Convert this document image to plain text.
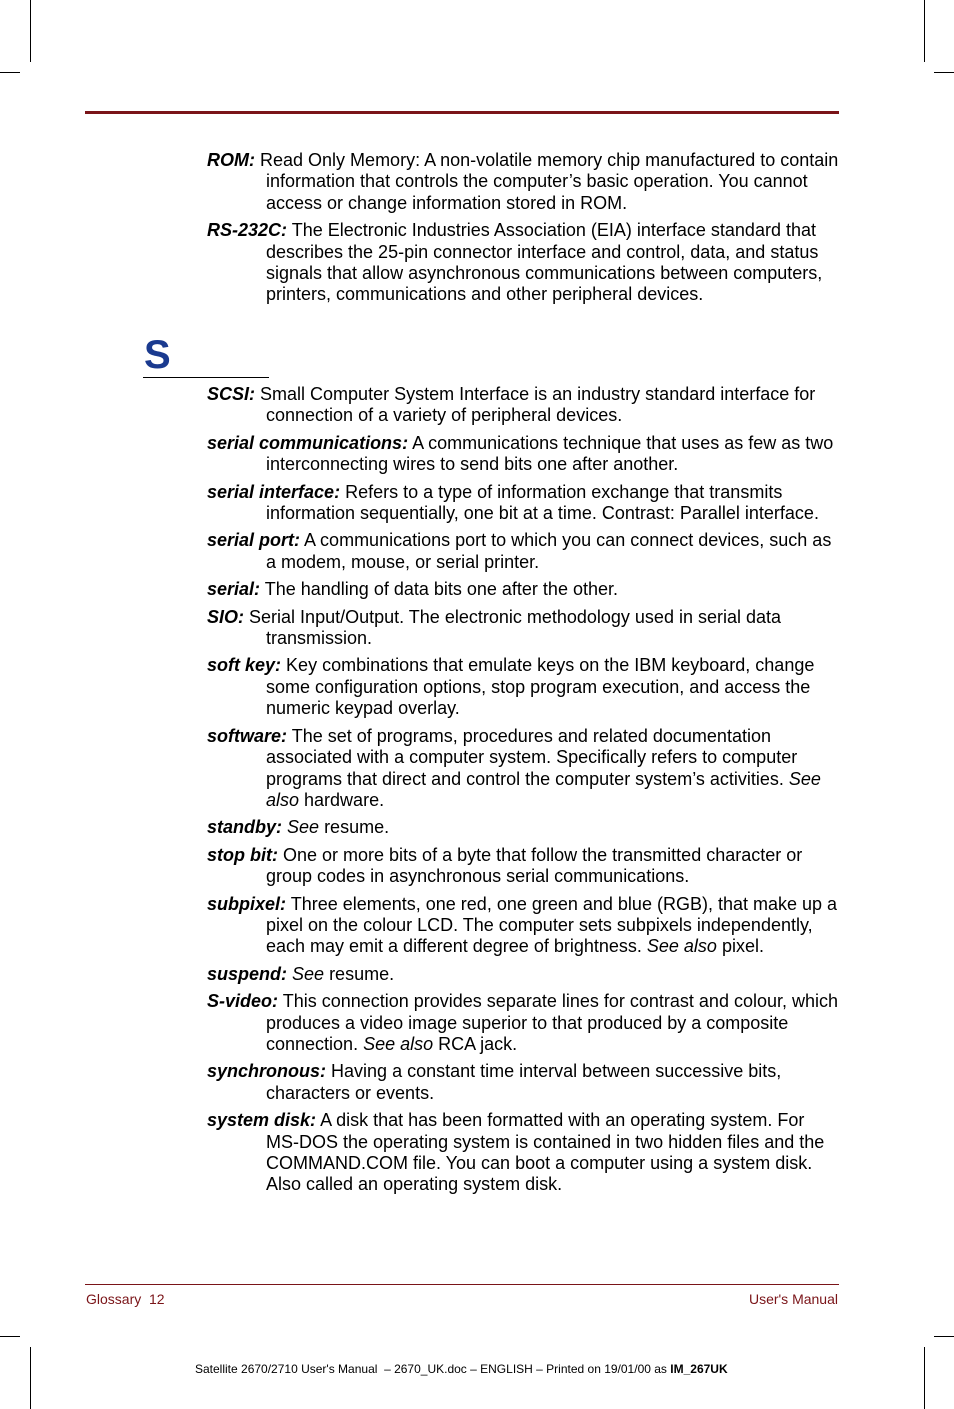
ROM: Read Only Memory: A non-volatile memory chip manufactured to contain information that controls the computer’s basic operation. You cannot access or change information stored in ROM.

RS-232C: The Electronic Industries Association (EIA) interface standard that describes the 25-pin connector interface and control, data, and status signals that allow asynchronous communications between computers, printers, communications and other peripheral devices.

S

SCSI: Small Computer System Interface is an industry standard interface for connection of a variety of peripheral devices.

serial communications: A communications technique that uses as few as two interconnecting wires to send bits one after another.

serial interface: Refers to a type of information exchange that transmits information sequentially, one bit at a time. Contrast: Parallel interface.

serial port: A communications port to which you can connect devices, such as a modem, mouse, or serial printer.

serial: The handling of data bits one after the other.

SIO: Serial Input/Output. The electronic methodology used in serial data transmission.

soft key: Key combinations that emulate keys on the IBM keyboard, change some configuration options, stop program execution, and access the numeric keypad overlay.

software: The set of programs, procedures and related documentation associated with a computer system. Specifically refers to computer programs that direct and control the computer system’s activities. See also hardware.

standby: See resume.

stop bit: One or more bits of a byte that follow the transmitted character or group codes in asynchronous serial communications.

subpixel: Three elements, one red, one green and blue (RGB), that make up a pixel on the colour LCD. The computer sets subpixels independently, each may emit a different degree of brightness. See also pixel.

suspend: See resume.

S-video: This connection provides separate lines for contrast and colour, which produces a video image superior to that produced by a composite connection. See also RCA jack.

synchronous: Having a constant time interval between successive bits, characters or events.

system disk: A disk that has been formatted with an operating system. For MS-DOS the operating system is contained in two hidden files and the COMMAND.COM file. You can boot a computer using a system disk. Also called an operating system disk.

Glossary  12	User's Manual
Satellite 2670/2710 User's Manual  – 2670_UK.doc – ENGLISH – Printed on 19/01/00 as IM_267UK
